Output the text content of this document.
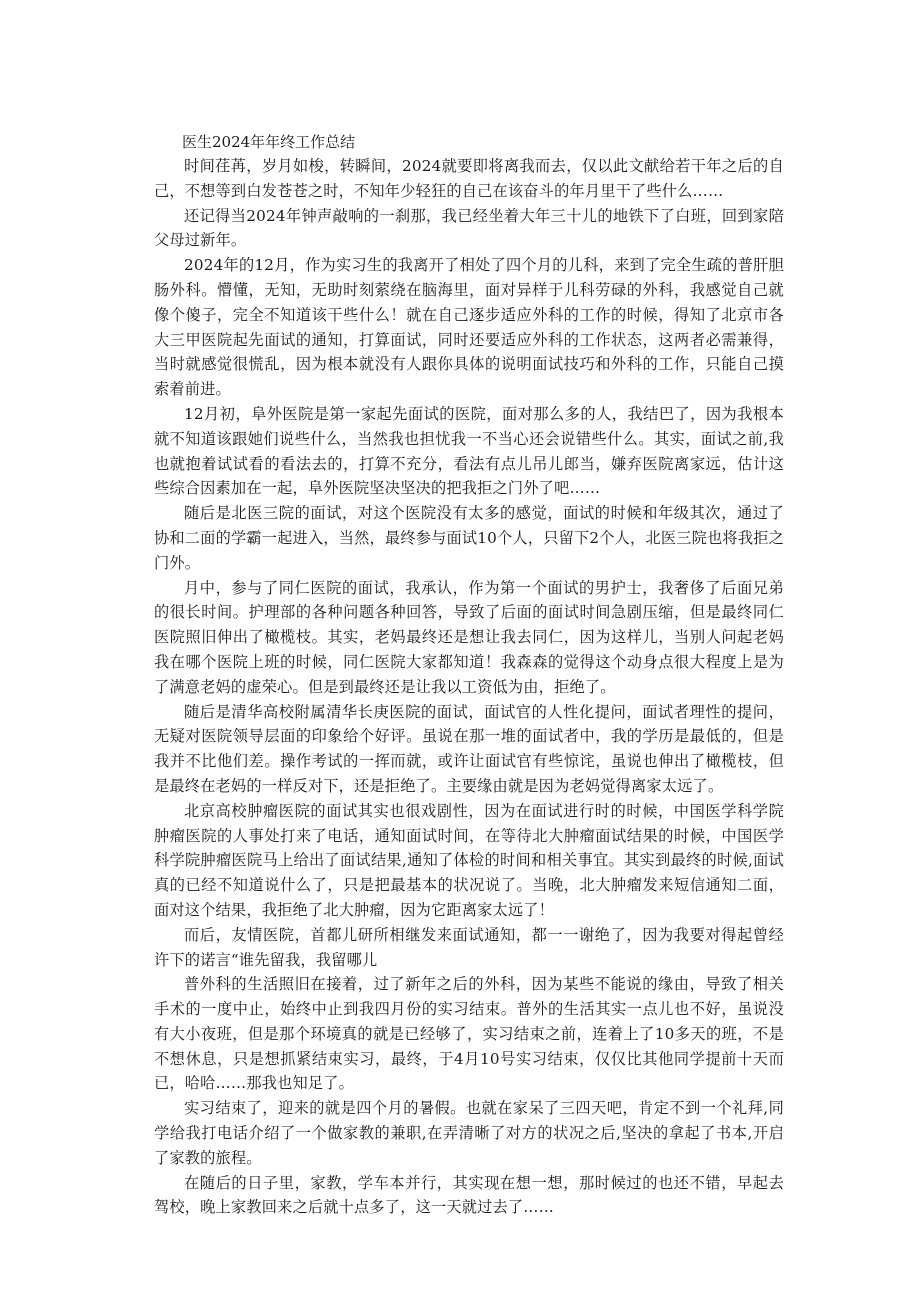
医生2024年年终工作总结

时间荏苒，岁月如梭，转瞬间，2024就要即将离我而去，仅以此文献给若干年之后的自己，不想等到白发苍苍之时，不知年少轻狂的自己在该奋斗的年月里干了些什么……

还记得当2024年钟声敲响的一刹那，我已经坐着大年三十儿的地铁下了白班，回到家陪父母过新年。

2024年的12月，作为实习生的我离开了相处了四个月的儿科，来到了完全生疏的普肝胆肠外科。懵懂，无知，无助时刻萦绕在脑海里，面对异样于儿科劳碌的外科，我感觉自己就像个傻子，完全不知道该干些什么！就在自己逐步适应外科的工作的时候，得知了北京市各大三甲医院起先面试的通知，打算面试，同时还要适应外科的工作状态，这两者必需兼得，当时就感觉很慌乱，因为根本就没有人跟你具体的说明面试技巧和外科的工作，只能自己摸索着前进。

12月初，阜外医院是第一家起先面试的医院，面对那么多的人，我结巴了，因为我根本就不知道该跟她们说些什么，当然我也担忧我一不当心还会说错些什么。其实，面试之前,我也就抱着试试看的看法去的，打算不充分，看法有点儿吊儿郎当，嫌弃医院离家远，估计这些综合因素加在一起，阜外医院坚决坚决的把我拒之门外了吧……

随后是北医三院的面试，对这个医院没有太多的感觉，面试的时候和年级其次，通过了协和二面的学霸一起进入，当然，最终参与面试10个人，只留下2个人，北医三院也将我拒之门外。

月中，参与了同仁医院的面试，我承认，作为第一个面试的男护士，我奢侈了后面兄弟的很长时间。护理部的各种问题各种回答，导致了后面的面试时间急剧压缩，但是最终同仁医院照旧伸出了橄榄枝。其实，老妈最终还是想让我去同仁，因为这样儿，当别人问起老妈我在哪个医院上班的时候，同仁医院大家都知道！我森森的觉得这个动身点很大程度上是为了满意老妈的虚荣心。但是到最终还是让我以工资低为由，拒绝了。

随后是清华高校附属清华长庚医院的面试，面试官的人性化提问，面试者理性的提问，无疑对医院领导层面的印象给个好评。虽说在那一堆的面试者中，我的学历是最低的，但是我并不比他们差。操作考试的一挥而就，或许让面试官有些惊诧，虽说也伸出了橄榄枝，但是最终在老妈的一样反对下，还是拒绝了。主要缘由就是因为老妈觉得离家太远了。

北京高校肿瘤医院的面试其实也很戏剧性，因为在面试进行时的时候，中国医学科学院肿瘤医院的人事处打来了电话，通知面试时间，在等待北大肿瘤面试结果的时候，中国医学科学院肿瘤医院马上给出了面试结果,通知了体检的时间和相关事宜。其实到最终的时候,面试真的已经不知道说什么了，只是把最基本的状况说了。当晚，北大肿瘤发来短信通知二面，面对这个结果，我拒绝了北大肿瘤，因为它距离家太远了！

而后，友情医院，首都儿研所相继发来面试通知，都一一谢绝了，因为我要对得起曾经许下的诺言“谁先留我，我留哪儿

普外科的生活照旧在接着，过了新年之后的外科，因为某些不能说的缘由，导致了相关手术的一度中止，始终中止到我四月份的实习结束。普外的生活其实一点儿也不好，虽说没有大小夜班，但是那个环境真的就是已经够了，实习结束之前，连着上了10多天的班，不是不想休息，只是想抓紧结束实习，最终，于4月10号实习结束，仅仅比其他同学提前十天而已，哈哈……那我也知足了。

实习结束了，迎来的就是四个月的暑假。也就在家呆了三四天吧，肯定不到一个礼拜,同学给我打电话介绍了一个做家教的兼职,在弄清晰了对方的状况之后,坚决的拿起了书本,开启了家教的旅程。

在随后的日子里，家教，学车本并行，其实现在想一想，那时候过的也还不错，早起去驾校，晚上家教回来之后就十点多了，这一天就过去了……
